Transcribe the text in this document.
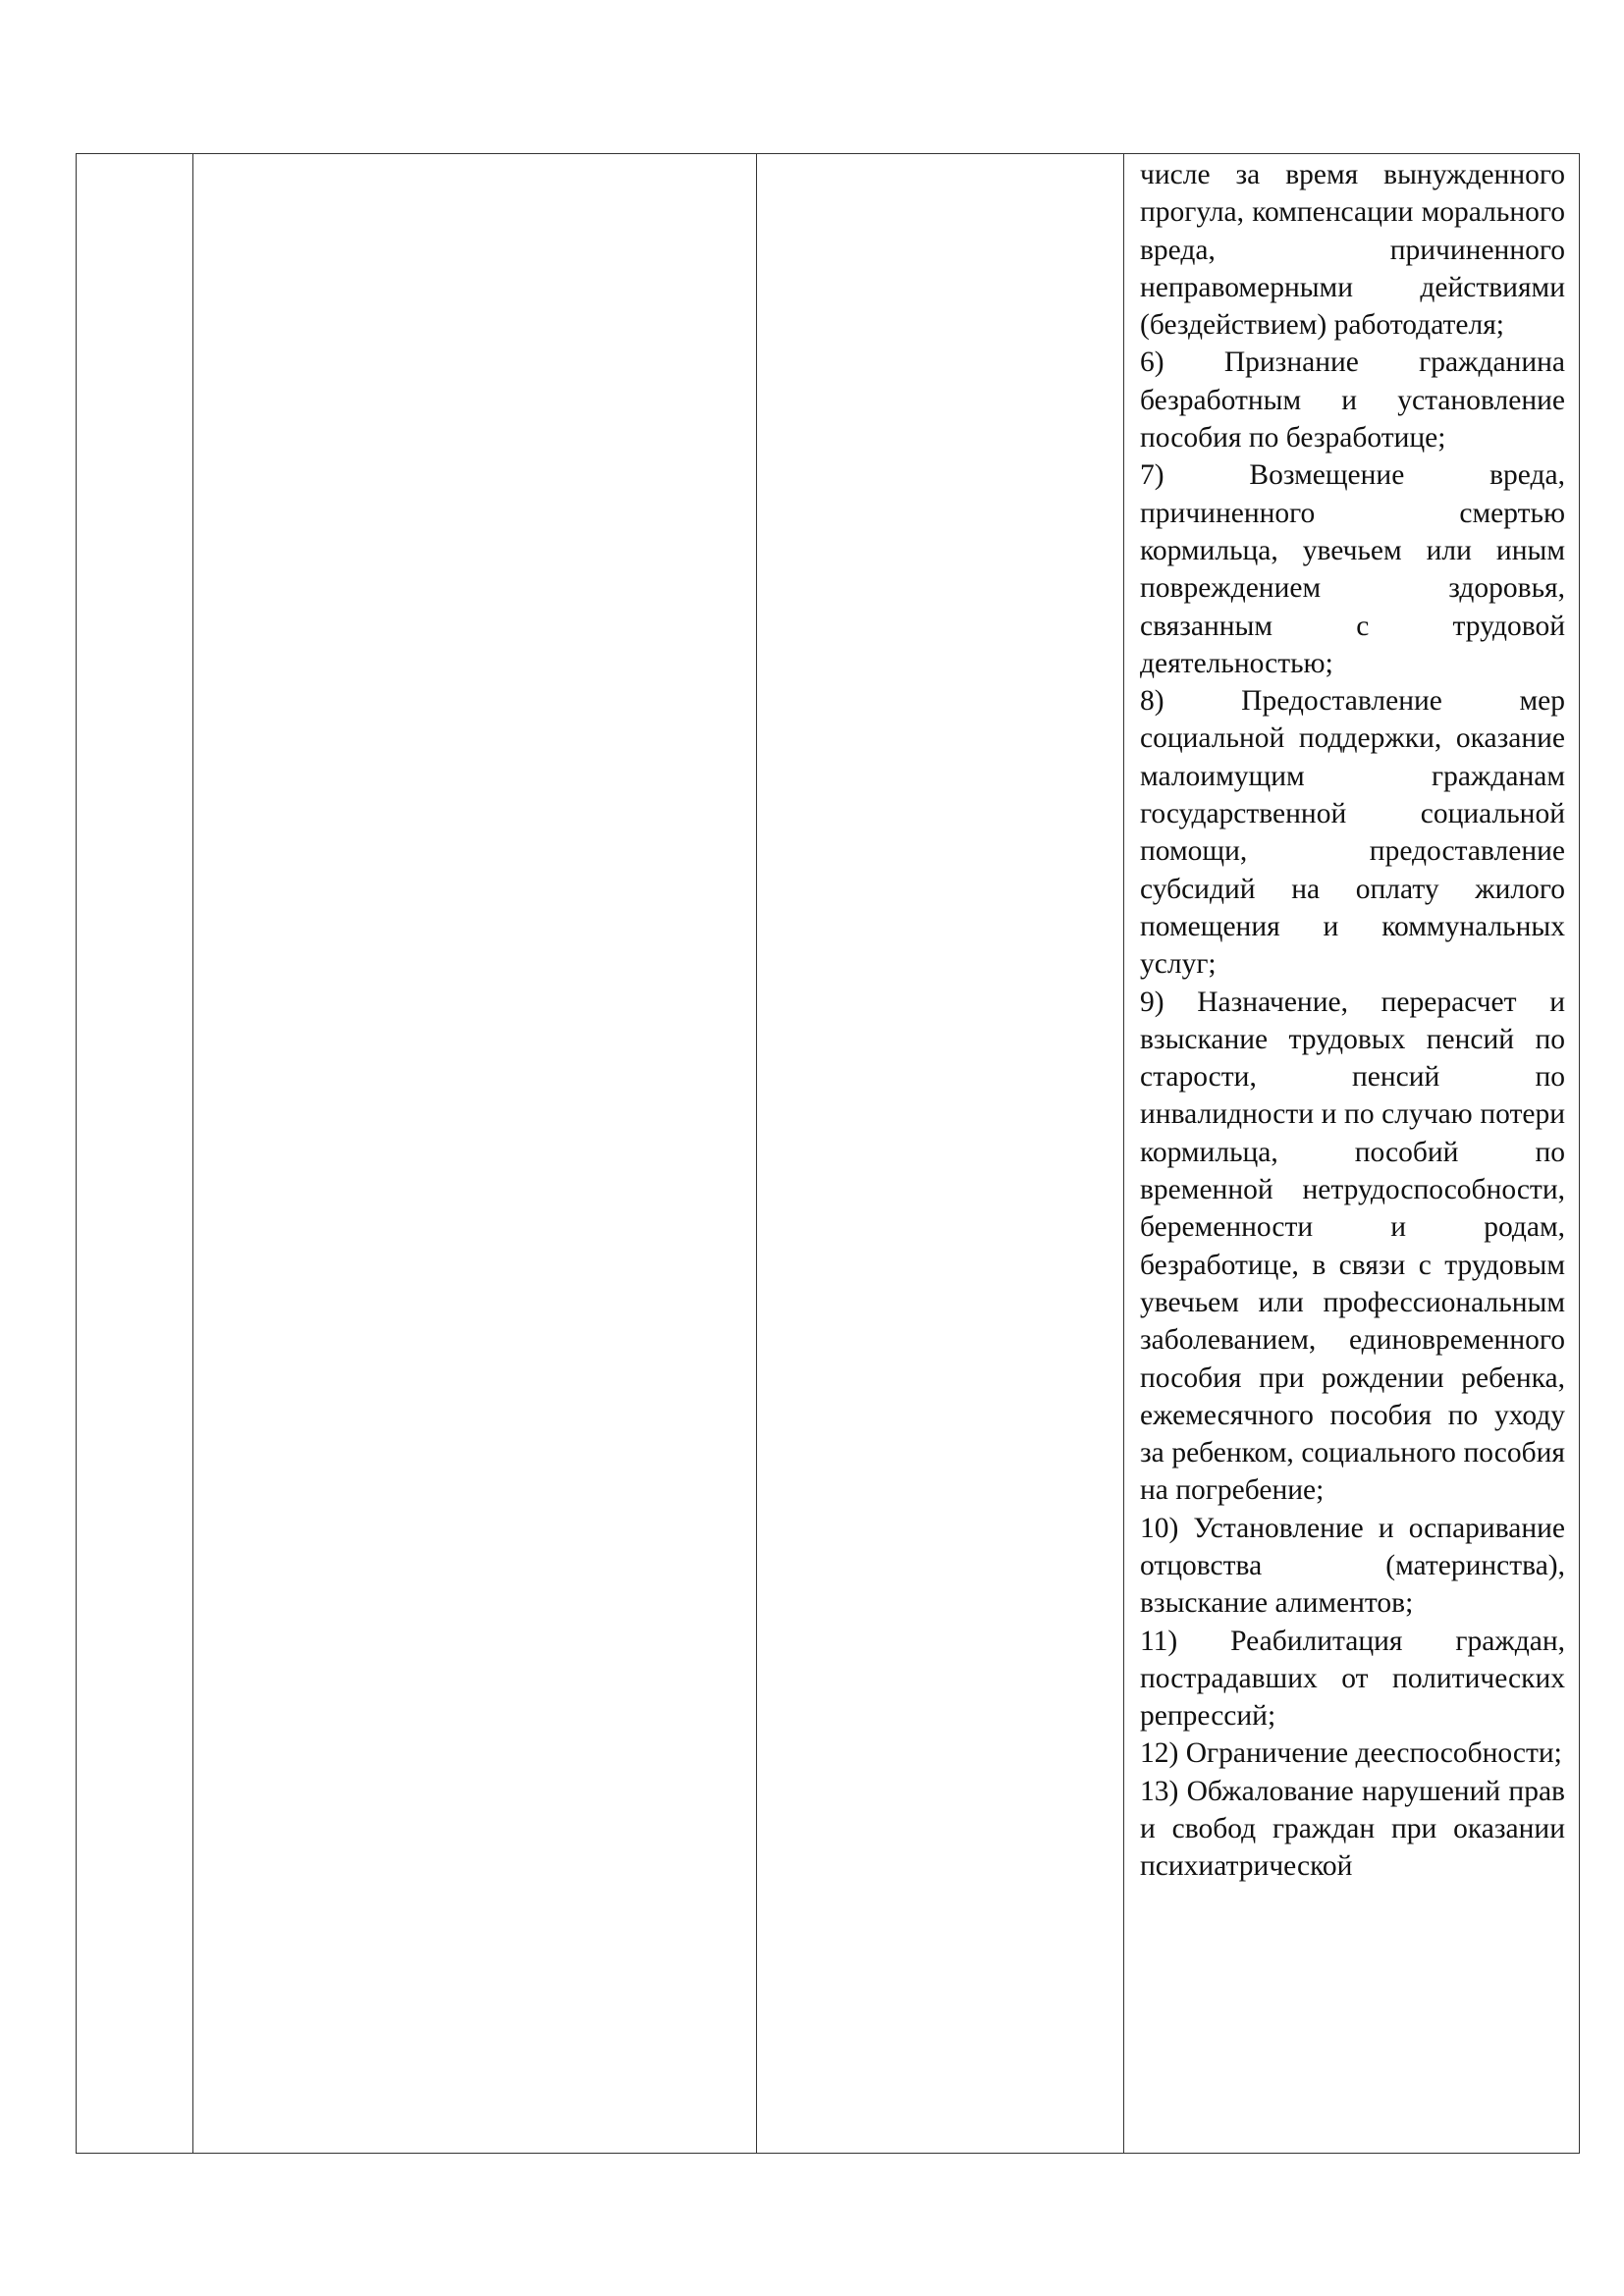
числе за время вынужденного прогула, компенсации морального вреда, причиненного неправомерными действиями (бездействием) работодателя;
6) Признание гражданина безработным и установление пособия по безработице;
7) Возмещение вреда, причиненного смертью кормильца, увечьем или иным повреждением здоровья, связанным с трудовой деятельностью;
8) Предоставление мер социальной поддержки, оказание малоимущим гражданам государственной социальной помощи, предоставление субсидий на оплату жилого помещения и коммунальных услуг;
9) Назначение, перерасчет и взыскание трудовых пенсий по старости, пенсий по инвалидности и по случаю потери кормильца, пособий по временной нетрудоспособности, беременности и родам, безработице, в связи с трудовым увечьем или профессиональным заболеванием, единовременного пособия при рождении ребенка, ежемесячного пособия по уходу за ребенком, социального пособия на погребение;
10) Установление и оспаривание отцовства (материнства), взыскание алиментов;
11) Реабилитация граждан, пострадавших от политических репрессий;
12) Ограничение дееспособности;
13) Обжалование нарушений прав и свобод граждан при оказании психиатрической
